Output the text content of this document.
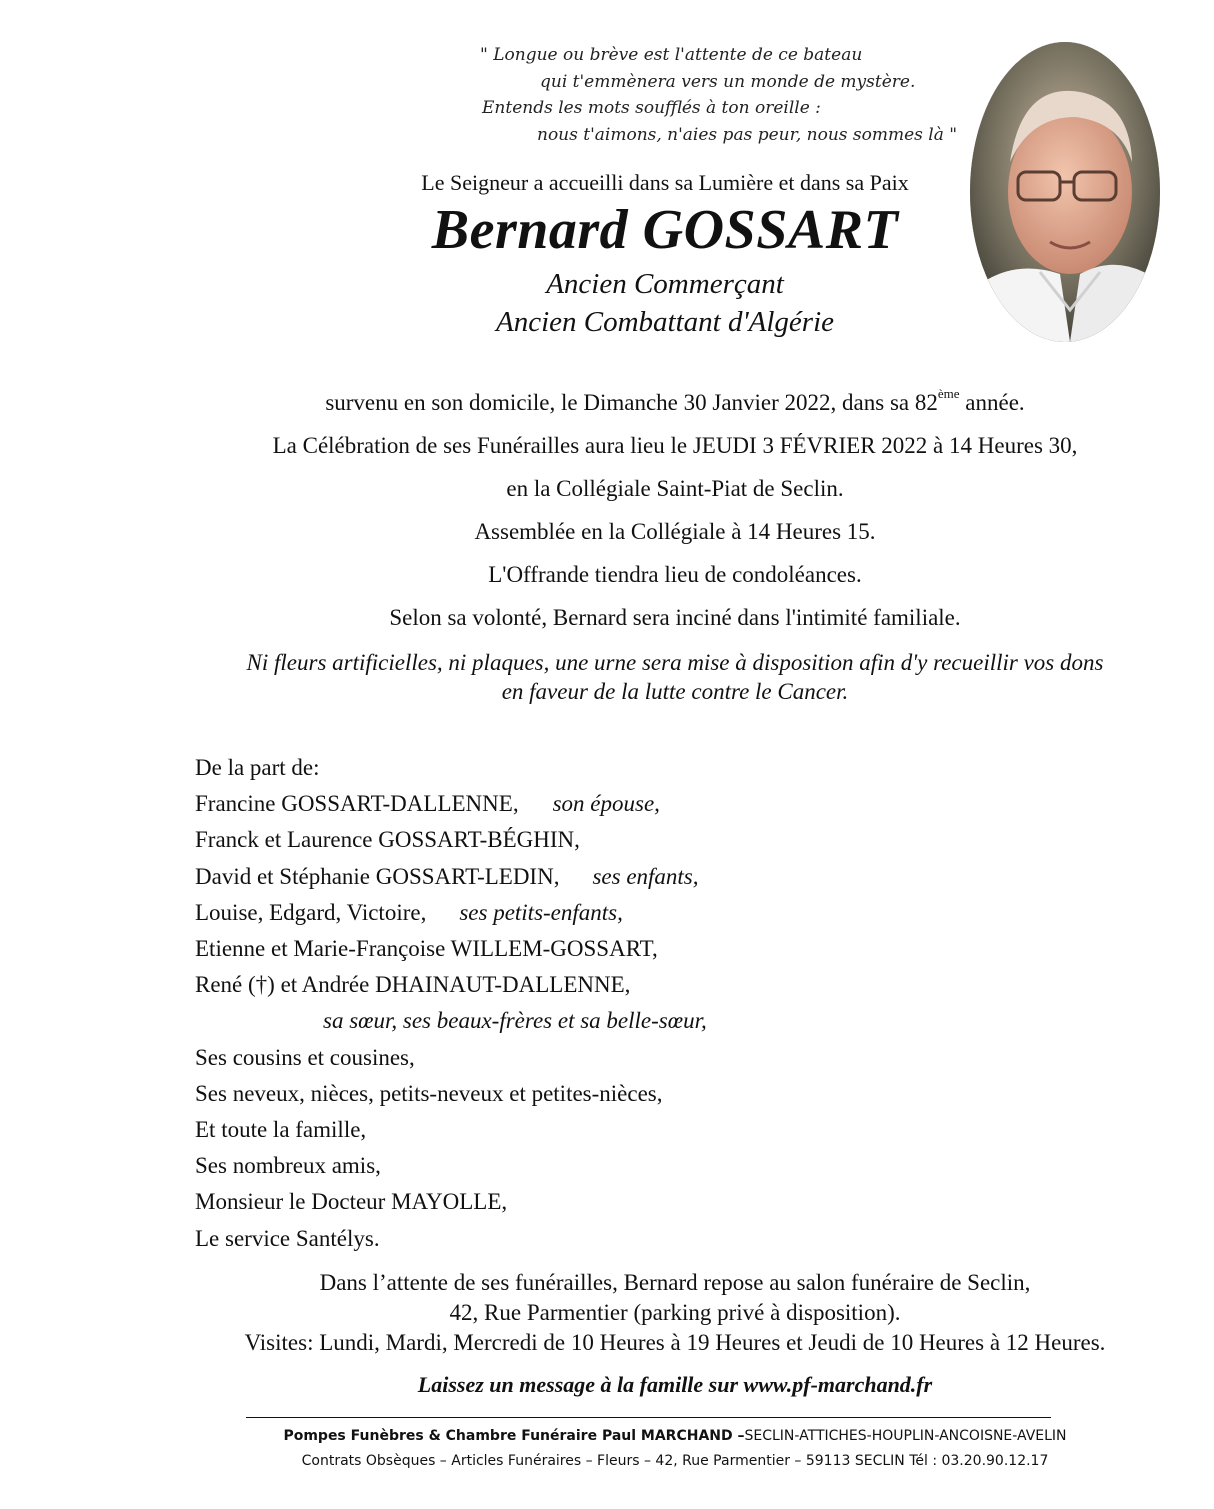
" Longue ou brève est l'attente de ce bateau
qui t'emmènera vers un monde de mystère.
Entends les mots soufflés à ton oreille :
nous t'aimons, n'aies pas peur, nous sommes là "
Le Seigneur a accueilli dans sa Lumière et dans sa Paix
Bernard GOSSART
Ancien Commerçant
Ancien Combattant d'Algérie
survenu en son domicile, le Dimanche 30 Janvier 2022, dans sa 82ème année.
La Célébration de ses Funérailles aura lieu le JEUDI 3 FÉVRIER 2022 à 14 Heures 30,
en la Collégiale Saint-Piat de Seclin.
Assemblée en la Collégiale à 14 Heures 15.
L'Offrande tiendra lieu de condoléances.
Selon sa volonté, Bernard sera inciné dans l'intimité familiale.
Ni fleurs artificielles, ni plaques, une urne sera mise à disposition afin d'y recueillir vos dons
en faveur de la lutte contre le Cancer.
De la part de:
Francine GOSSART-DALLENNE, son épouse,
Franck et Laurence GOSSART-BÉGHIN,
David et Stéphanie GOSSART-LEDIN, ses enfants,
Louise, Edgard, Victoire, ses petits-enfants,
Etienne et Marie-Françoise WILLEM-GOSSART,
René (†) et Andrée DHAINAUT-DALLENNE,
sa sœur, ses beaux-frères et sa belle-sœur,
Ses cousins et cousines,
Ses neveux, nièces, petits-neveux et petites-nièces,
Et toute la famille,
Ses nombreux amis,
Monsieur le Docteur MAYOLLE,
Le service Santélys.
Dans l’attente de ses funérailles, Bernard repose au salon funéraire de Seclin,
42, Rue Parmentier (parking privé à disposition).
Visites: Lundi, Mardi, Mercredi de 10 Heures à 19 Heures et Jeudi de 10 Heures à 12 Heures.
Laissez un message à la famille sur www.pf-marchand.fr
Pompes Funèbres & Chambre Funéraire Paul MARCHAND –SECLIN-ATTICHES-HOUPLIN-ANCOISNE-AVELIN
Contrats Obsèques – Articles Funéraires – Fleurs – 42, Rue Parmentier – 59113 SECLIN Tél : 03.20.90.12.17
